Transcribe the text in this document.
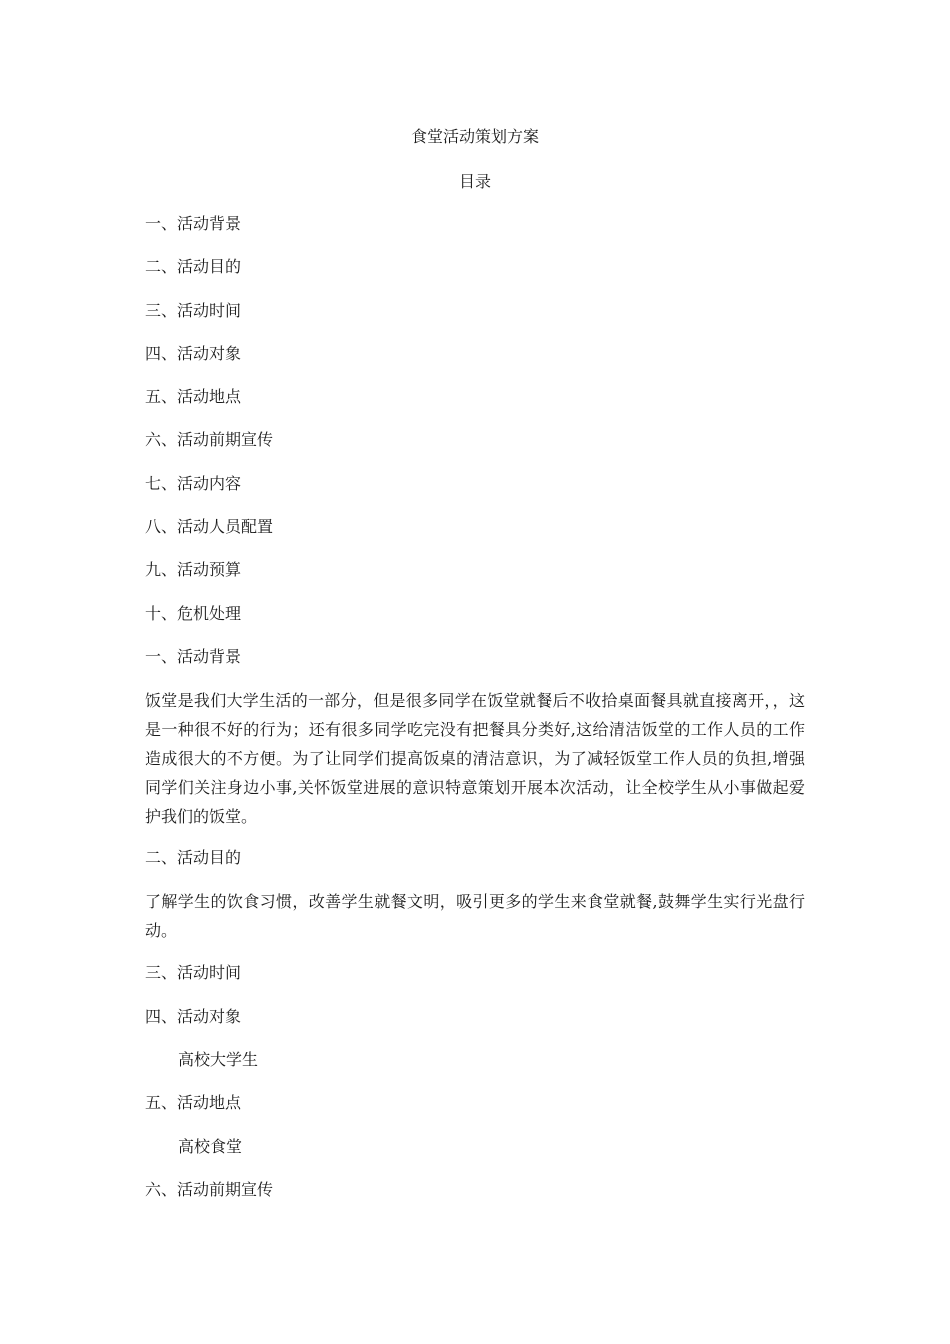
食堂活动策划方案
目录
一、活动背景
二、活动目的
三、活动时间
四、活动对象
五、活动地点
六、活动前期宣传
七、活动内容
八、活动人员配置
九、活动预算
十、危机处理
一、活动背景
饭堂是我们大学生活的一部分，但是很多同学在饭堂就餐后不收拾桌面餐具就直接离开，，这是一种很不好的行为；还有很多同学吃完没有把餐具分类好,这给清洁饭堂的工作人员的工作造成很大的不方便。为了让同学们提高饭桌的清洁意识，为了减轻饭堂工作人员的负担,增强同学们关注身边小事,关怀饭堂进展的意识特意策划开展本次活动，让全校学生从小事做起爱护我们的饭堂。
二、活动目的
了解学生的饮食习惯，改善学生就餐文明，吸引更多的学生来食堂就餐,鼓舞学生实行光盘行动。
三、活动时间
四、活动对象
高校大学生
五、活动地点
高校食堂
六、活动前期宣传
